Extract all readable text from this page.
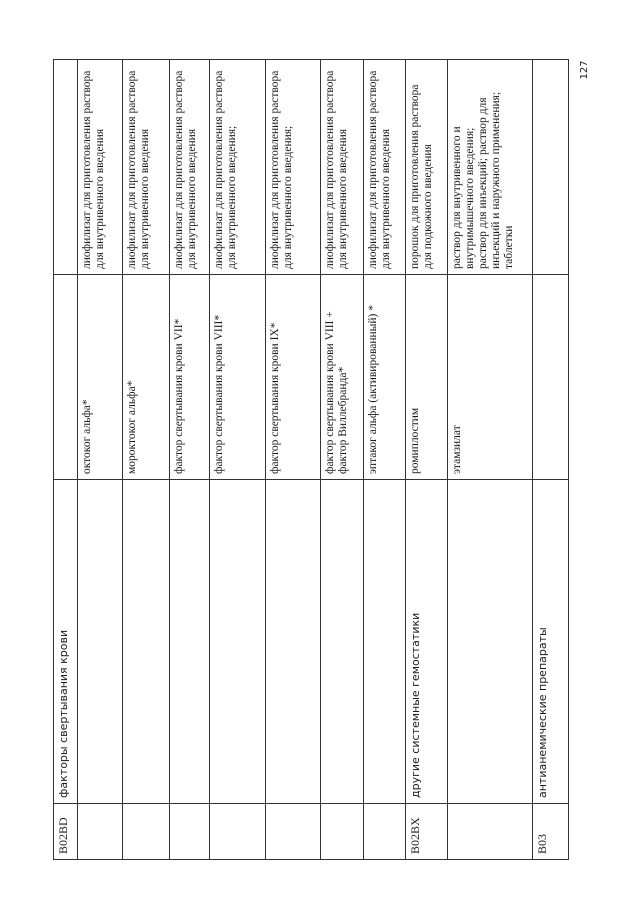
127
B02BD	факторы свертывания крови		
		октоког альфа*	лиофилизат для приготовления раствора для внутривенного введения
		мороктоког альфа*	лиофилизат для приготовления раствора для внутривенного введения
		фактор свертывания крови VII*	лиофилизат для приготовления раствора для внутривенного введения
		фактор свертывания крови VIII*	лиофилизат для приготовления раствора для внутривенного введения;
		фактор свертывания крови IX*	лиофилизат для приготовления раствора для внутривенного введения;
		фактор свертывания крови VIII + фактор Виллебранда*	лиофилизат для приготовления раствора для внутривенного введения
		эптаког альфа (активированный) *	лиофилизат для приготовления раствора для внутривенного введения
B02BX	другие системные гемостатики	ромиплостим	порошок для приготовления раствора для подкожного введения
		этамзилат	раствор для внутривенного и внутримышечного введения;
раствор для инъекций; раствор для инъекций и наружного применения;
таблетки
B03	антианемические препараты		
